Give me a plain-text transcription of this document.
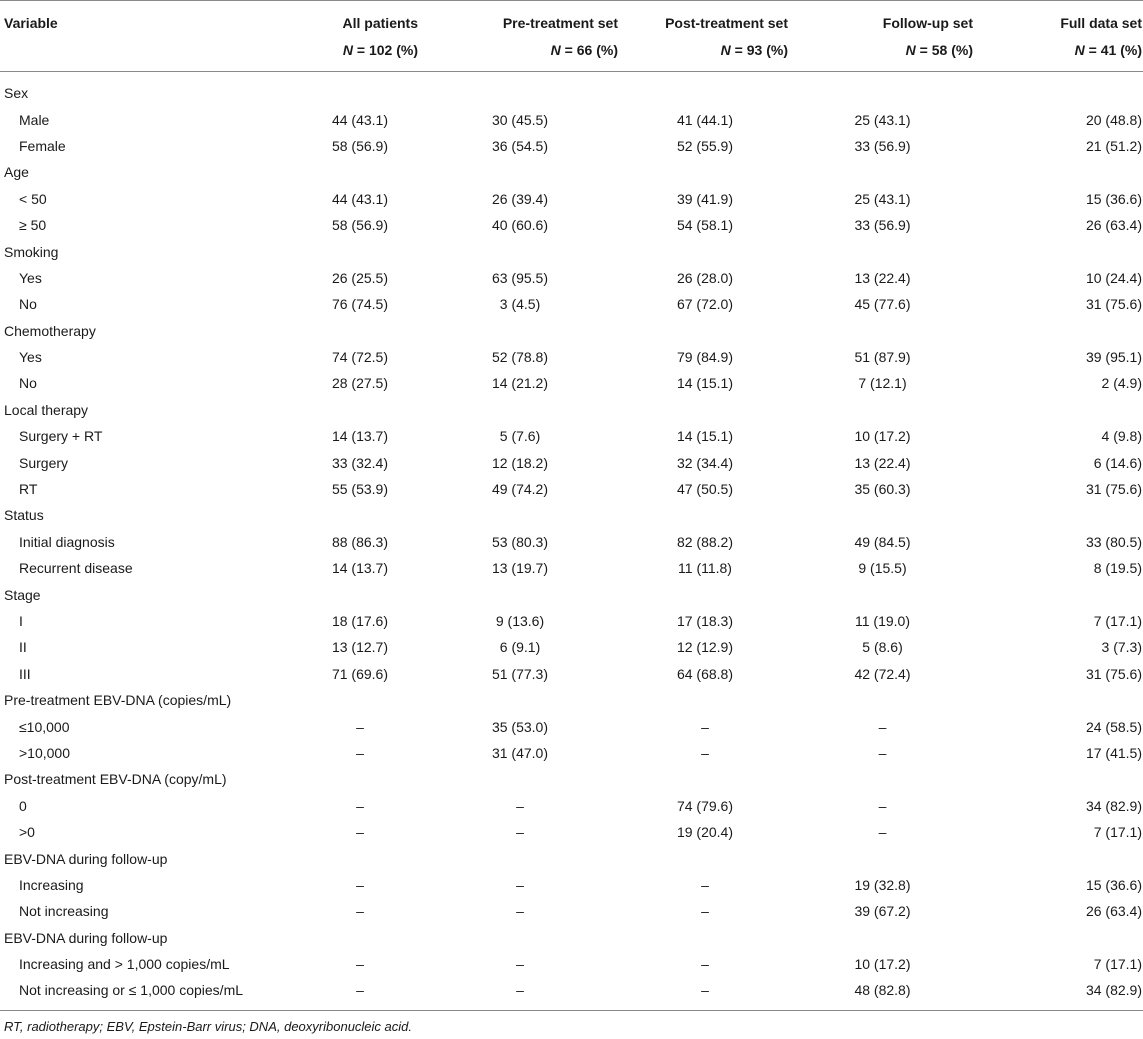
Variable	All patients	Pre-treatment set	Post-treatment set	Follow-up set	Full data set
	N = 102 (%)	N = 66 (%)	N = 93 (%)	N = 58 (%)	N = 41 (%)
Sex					
Male	44 (43.1)	30 (45.5)	41 (44.1)	25 (43.1)	20 (48.8)
Female	58 (56.9)	36 (54.5)	52 (55.9)	33 (56.9)	21 (51.2)
Age					
< 50	44 (43.1)	26 (39.4)	39 (41.9)	25 (43.1)	15 (36.6)
≥ 50	58 (56.9)	40 (60.6)	54 (58.1)	33 (56.9)	26 (63.4)
Smoking					
Yes	26 (25.5)	63 (95.5)	26 (28.0)	13 (22.4)	10 (24.4)
No	76 (74.5)	3 (4.5)	67 (72.0)	45 (77.6)	31 (75.6)
Chemotherapy					
Yes	74 (72.5)	52 (78.8)	79 (84.9)	51 (87.9)	39 (95.1)
No	28 (27.5)	14 (21.2)	14 (15.1)	7 (12.1)	2 (4.9)
Local therapy					
Surgery + RT	14 (13.7)	5 (7.6)	14 (15.1)	10 (17.2)	4 (9.8)
Surgery	33 (32.4)	12 (18.2)	32 (34.4)	13 (22.4)	6 (14.6)
RT	55 (53.9)	49 (74.2)	47 (50.5)	35 (60.3)	31 (75.6)
Status					
Initial diagnosis	88 (86.3)	53 (80.3)	82 (88.2)	49 (84.5)	33 (80.5)
Recurrent disease	14 (13.7)	13 (19.7)	11 (11.8)	9 (15.5)	8 (19.5)
Stage					
I	18 (17.6)	9 (13.6)	17 (18.3)	11 (19.0)	7 (17.1)
II	13 (12.7)	6 (9.1)	12 (12.9)	5 (8.6)	3 (7.3)
III	71 (69.6)	51 (77.3)	64 (68.8)	42 (72.4)	31 (75.6)
Pre-treatment EBV-DNA (copies/mL)					
≤10,000	–	35 (53.0)	–	–	24 (58.5)
>10,000	–	31 (47.0)	–	–	17 (41.5)
Post-treatment EBV-DNA (copy/mL)					
0	–	–	74 (79.6)	–	34 (82.9)
>0	–	–	19 (20.4)	–	7 (17.1)
EBV-DNA during follow-up					
Increasing	–	–	–	19 (32.8)	15 (36.6)
Not increasing	–	–	–	39 (67.2)	26 (63.4)
EBV-DNA during follow-up					
Increasing and > 1,000 copies/mL	–	–	–	10 (17.2)	7 (17.1)
Not increasing or ≤ 1,000 copies/mL	–	–	–	48 (82.8)	34 (82.9)
RT, radiotherapy; EBV, Epstein-Barr virus; DNA, deoxyribonucleic acid.
